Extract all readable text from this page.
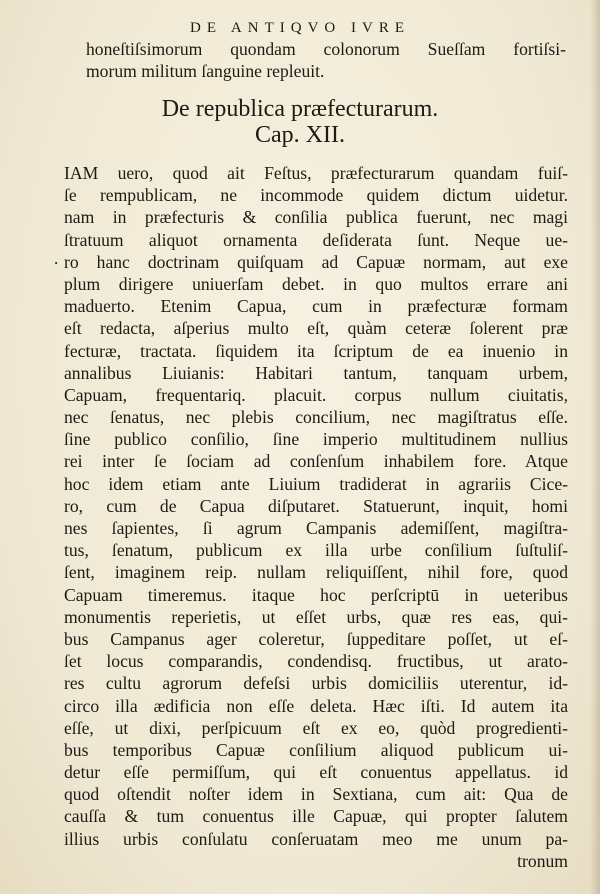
DE ANTIQVO IVRE
honeſtiſsimorum quondam colonorum Sueſſam fortiſsi-
morum militum ſanguine repleuit.
De republica præfecturarum.
Cap. XII.
.
IAM uero, quod ait Feſtus, præfecturarum quandam fuiſ-
ſe rempublicam, ne incommode quidem dictum uidetur.
nam in præfecturis & conſilia publica fuerunt, nec magi
ſtratuum aliquot ornamenta deſiderata ſunt. Neque ue-
ro hanc doctrinam quiſquam ad Capuæ normam, aut exe
plum dirigere uniuerſam debet. in quo multos errare ani
maduerto. Etenim Capua, cum in præfecturæ formam
eſt redacta, aſperius multo eſt, quàm ceteræ ſolerent præ
fecturæ, tractata. ſiquidem ita ſcriptum de ea inuenio in
annalibus Liuianis: Habitari tantum, tanquam urbem,
Capuam, frequentariq. placuit. corpus nullum ciuitatis,
nec ſenatus, nec plebis concilium, nec magiſtratus eſſe.
ſine publico conſilio, ſine imperio multitudinem nullius
rei inter ſe ſociam ad conſenſum inhabilem fore. Atque
hoc idem etiam ante Liuium tradiderat in agrariis Cice-
ro, cum de Capua diſputaret. Statuerunt, inquit, homi
nes ſapientes, ſi agrum Campanis ademiſſent, magiſtra-
tus, ſenatum, publicum ex illa urbe conſilium ſuſtuliſ-
ſent, imaginem reip. nullam reliquiſſent, nihil fore, quod
Capuam timeremus. itaque hoc perſcriptū in ueteribus
monumentis reperietis, ut eſſet urbs, quæ res eas, qui-
bus Campanus ager coleretur, ſuppeditare poſſet, ut eſ-
ſet locus comparandis, condendisq. fructibus, ut arato-
res cultu agrorum defeſsi urbis domiciliis uterentur, id-
circo illa ædificia non eſſe deleta. Hæc iſti. Id autem ita
eſſe, ut dixi, perſpicuum eſt ex eo, quòd progredienti-
bus temporibus Capuæ conſilium aliquod publicum ui-
detur eſſe permiſſum, qui eſt conuentus appellatus. id
quod oſtendit noſter idem in Sextiana, cum ait: Qua de
cauſſa & tum conuentus ille Capuæ, qui propter ſalutem
illius urbis conſulatu conſeruatam meo me unum pa-
tronum
